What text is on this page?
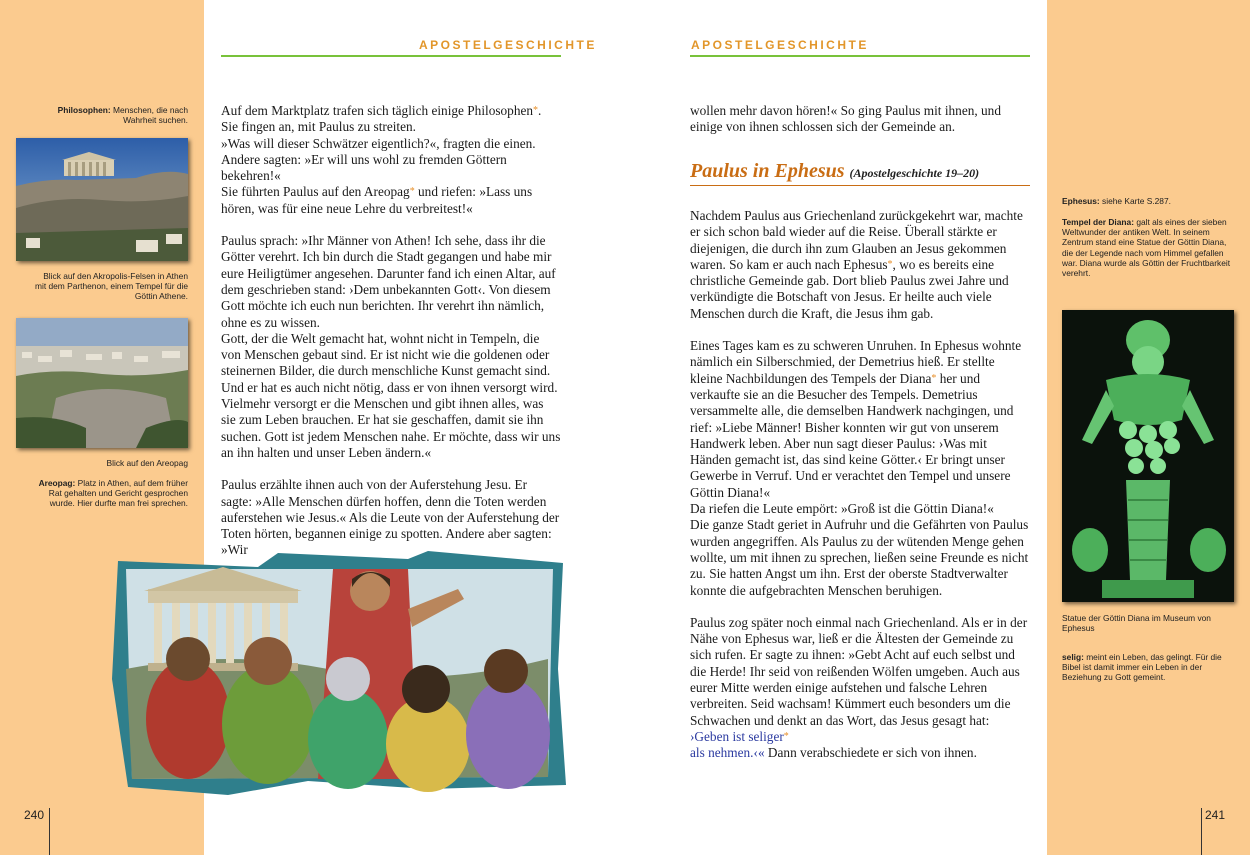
APOSTELGESCHICHTE	APOSTELGESCHICHTE
Philosophen: Menschen, die nach Wahrheit suchen.
Blick auf den Akropolis-Felsen in Athen mit dem Parthenon, einem Tempel für die Göttin Athene.
Blick auf den Areopag
Areopag: Platz in Athen, auf dem früher Rat gehalten und Gericht gesprochen wurde. Hier durfte man frei sprechen.

Auf dem Marktplatz trafen sich täglich einige Philosophen*. Sie fingen an, mit Paulus zu streiten.

»Was will dieser Schwätzer eigentlich?«, fragten die einen. Andere sagten: »Er will uns wohl zu fremden Göttern bekehren!«

Sie führten Paulus auf den Areopag* und riefen: »Lass uns hören, was für eine neue Lehre du verbreitest!«

Paulus sprach: »Ihr Männer von Athen! Ich sehe, dass ihr die Götter verehrt. Ich bin durch die Stadt gegangen und habe mir eure Heiligtümer angesehen. Darunter fand ich einen Altar, auf dem geschrieben stand: ›Dem unbekannten Gott‹. Von diesem Gott möchte ich euch nun berichten. Ihr verehrt ihn nämlich, ohne es zu wissen.

Gott, der die Welt gemacht hat, wohnt nicht in Tempeln, die von Menschen gebaut sind. Er ist nicht wie die goldenen oder steinernen Bilder, die durch menschliche Kunst gemacht sind. Und er hat es auch nicht nötig, dass er von ihnen versorgt wird. Vielmehr versorgt er die Menschen und gibt ihnen alles, was sie zum Leben brauchen. Er hat sie geschaffen, damit sie ihn suchen. Gott ist jedem Menschen nahe. Er möchte, dass wir uns an ihn halten und unser Leben ändern.«

Paulus erzählte ihnen auch von der Auferstehung Jesu. Er sagte: »Alle Menschen dürfen hoffen, denn die Toten werden auferstehen wie Jesus.« Als die Leute von der Auferstehung der Toten hörten, begannen einige zu spotten. Andere aber sagten: »Wir

wollen mehr davon hören!« So ging Paulus mit ihnen, und einige von ihnen schlossen sich der Gemeinde an.

Paulus in Ephesus (Apostelgeschichte 19–20)

Nachdem Paulus aus Griechenland zurückgekehrt war, machte er sich schon bald wieder auf die Reise. Überall stärkte er diejenigen, die durch ihn zum Glauben an Jesus gekommen waren. So kam er auch nach Ephesus*, wo es bereits eine christliche Gemeinde gab. Dort blieb Paulus zwei Jahre und verkündigte die Botschaft von Jesus. Er heilte auch viele Menschen durch die Kraft, die Jesus ihm gab.

Eines Tages kam es zu schweren Unruhen. In Ephesus wohnte nämlich ein Silberschmied, der Demetrius hieß. Er stellte kleine Nachbildungen des Tempels der Diana* her und verkaufte sie an die Besucher des Tempels. Demetrius versammelte alle, die demselben Handwerk nachgingen, und rief: »Liebe Männer! Bisher konnten wir gut von unserem Handwerk leben. Aber nun sagt dieser Paulus: ›Was mit Händen gemacht ist, das sind keine Götter.‹ Er bringt unser Gewerbe in Verruf. Und er verachtet den Tempel und unsere Göttin Diana!«

Da riefen die Leute empört: »Groß ist die Göttin Diana!«

Die ganze Stadt geriet in Aufruhr und die Gefährten von Paulus wurden angegriffen. Als Paulus zu der wütenden Menge gehen wollte, um mit ihnen zu sprechen, ließen seine Freunde es nicht zu. Sie hatten Angst um ihn. Erst der oberste Stadtverwalter konnte die aufgebrachten Menschen beruhigen.

Paulus zog später noch einmal nach Griechenland. Als er in der Nähe von Ephesus war, ließ er die Ältesten der Gemeinde zu sich rufen. Er sagte zu ihnen: »Gebt Acht auf euch selbst und die Herde! Ihr seid von reißenden Wölfen umgeben. Auch aus eurer Mitte werden einige aufstehen und falsche Lehren verbreiten. Seid wachsam! Kümmert euch besonders um die Schwachen und denkt an das Wort, das Jesus gesagt hat: ›Geben ist seliger*
als nehmen.‹« Dann verabschiedete er sich von ihnen.

Ephesus: siehe Karte S.287.
Tempel der Diana: galt als eines der sieben Weltwunder der antiken Welt. In seinem Zentrum stand eine Statue der Göttin Diana, die der Legende nach vom Himmel gefallen war. Diana wurde als Göttin der Fruchtbarkeit verehrt.
Statue der Göttin Diana im Museum von Ephesus
selig: meint ein Leben, das gelingt. Für die Bibel ist damit immer ein Leben in der Beziehung zu Gott gemeint.
240	241
